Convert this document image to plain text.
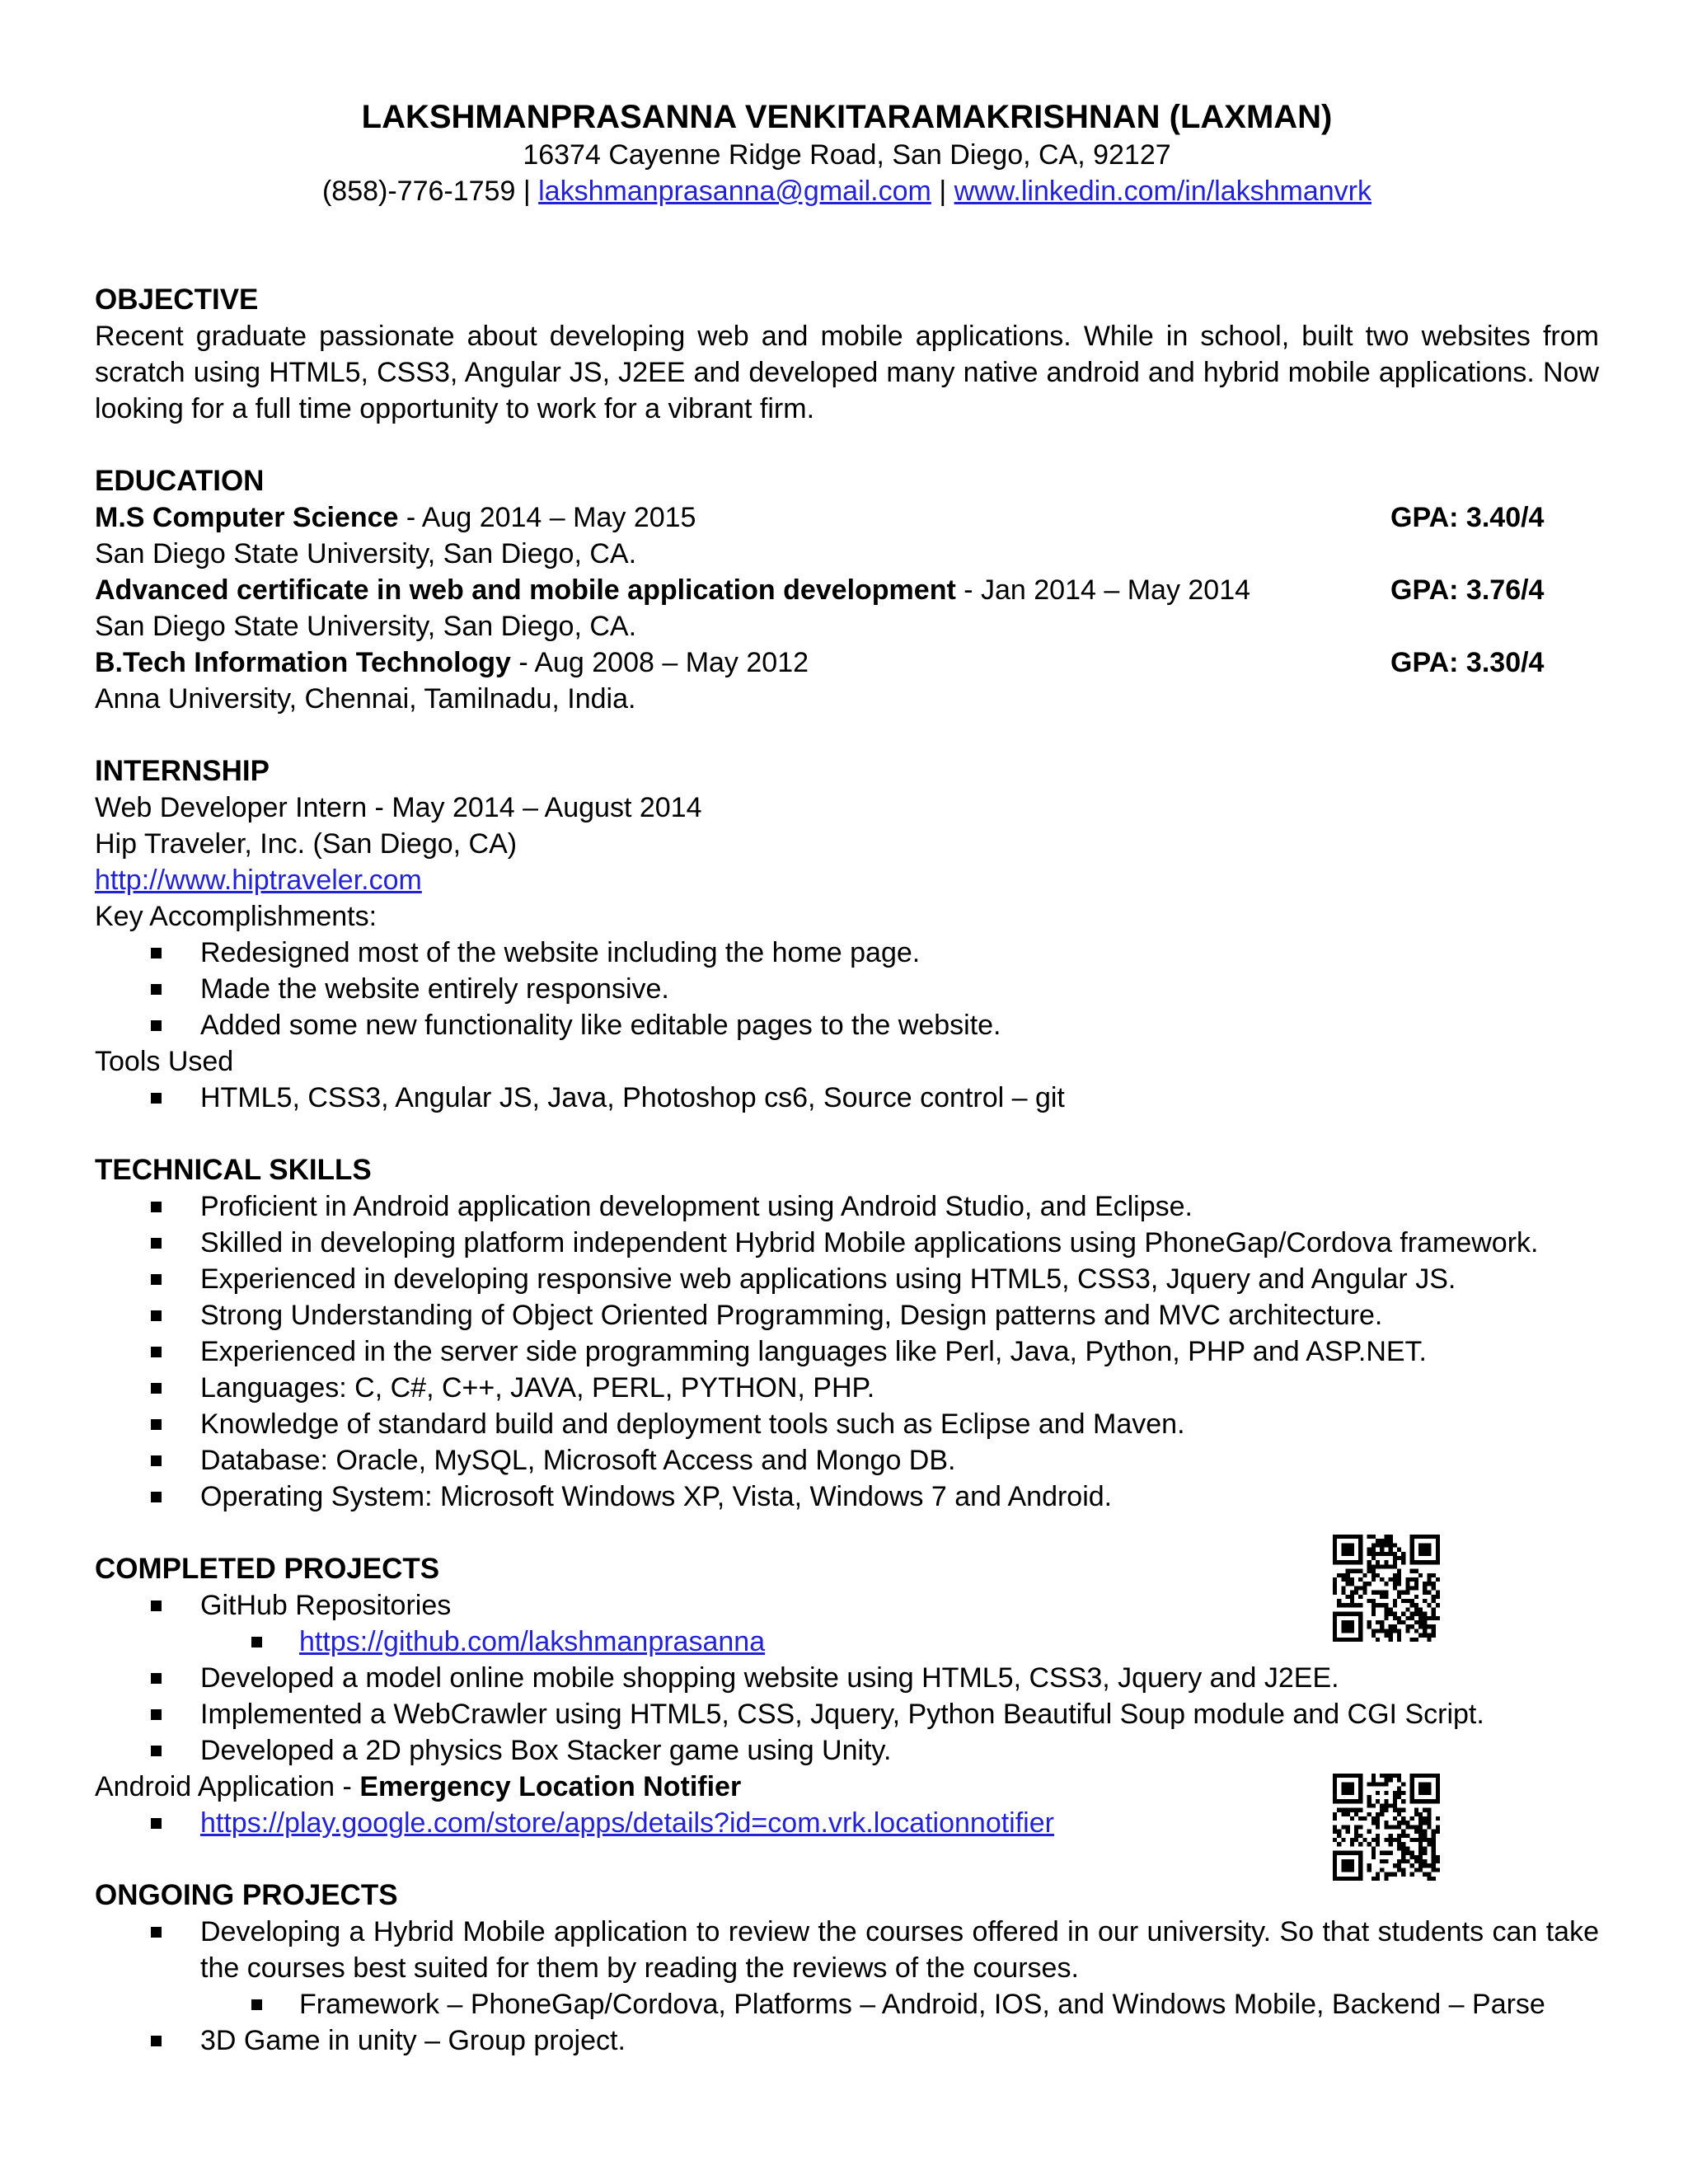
LAKSHMANPRASANNA VENKITARAMAKRISHNAN (LAXMAN)
16374 Cayenne Ridge Road, San Diego, CA, 92127
(858)-776-1759 | lakshmanprasanna@gmail.com | www.linkedin.com/in/lakshmanvrk
OBJECTIVE
Recent graduate passionate about developing web and mobile applications. While in school, built two websites from scratch using HTML5, CSS3, Angular JS, J2EE and developed many native android and hybrid mobile applications. Now looking for a full time opportunity to work for a vibrant firm.
EDUCATION
M.S Computer Science - Aug 2014 – May 2015	GPA: 3.40/4
San Diego State University, San Diego, CA.
Advanced certificate in web and mobile application development - Jan 2014 – May 2014	GPA: 3.76/4
San Diego State University, San Diego, CA.
B.Tech Information Technology - Aug 2008 – May 2012	GPA: 3.30/4
Anna University, Chennai, Tamilnadu, India.
INTERNSHIP
Web Developer Intern - May 2014 – August 2014
Hip Traveler, Inc. (San Diego, CA)
http://www.hiptraveler.com
Key Accomplishments:
Redesigned most of the website including the home page.
Made the website entirely responsive.
Added some new functionality like editable pages to the website.
Tools Used
HTML5, CSS3, Angular JS, Java, Photoshop cs6, Source control – git
TECHNICAL SKILLS
Proficient in Android application development using Android Studio, and Eclipse.
Skilled in developing platform independent Hybrid Mobile applications using PhoneGap/Cordova framework.
Experienced in developing responsive web applications using HTML5, CSS3, Jquery and Angular JS.
Strong Understanding of Object Oriented Programming, Design patterns and MVC architecture.
Experienced in the server side programming languages like Perl, Java, Python, PHP and ASP.NET.
Languages: C, C#, C++, JAVA, PERL, PYTHON, PHP.
Knowledge of standard build and deployment tools such as Eclipse and Maven.
Database: Oracle, MySQL, Microsoft Access and Mongo DB.
Operating System: Microsoft Windows XP, Vista, Windows 7 and Android.
COMPLETED PROJECTS
GitHub Repositories
https://github.com/lakshmanprasanna
Developed a model online mobile shopping website using HTML5, CSS3, Jquery and J2EE.
Implemented a WebCrawler using HTML5, CSS, Jquery, Python Beautiful Soup module and CGI Script.
Developed a 2D physics Box Stacker game using Unity.
Android Application - Emergency Location Notifier
https://play.google.com/store/apps/details?id=com.vrk.locationnotifier
ONGOING PROJECTS
Developing a Hybrid Mobile application to review the courses offered in our university. So that students can take the courses best suited for them by reading the reviews of the courses.
Framework – PhoneGap/Cordova, Platforms – Android, IOS, and Windows Mobile, Backend – Parse
3D Game in unity – Group project.
